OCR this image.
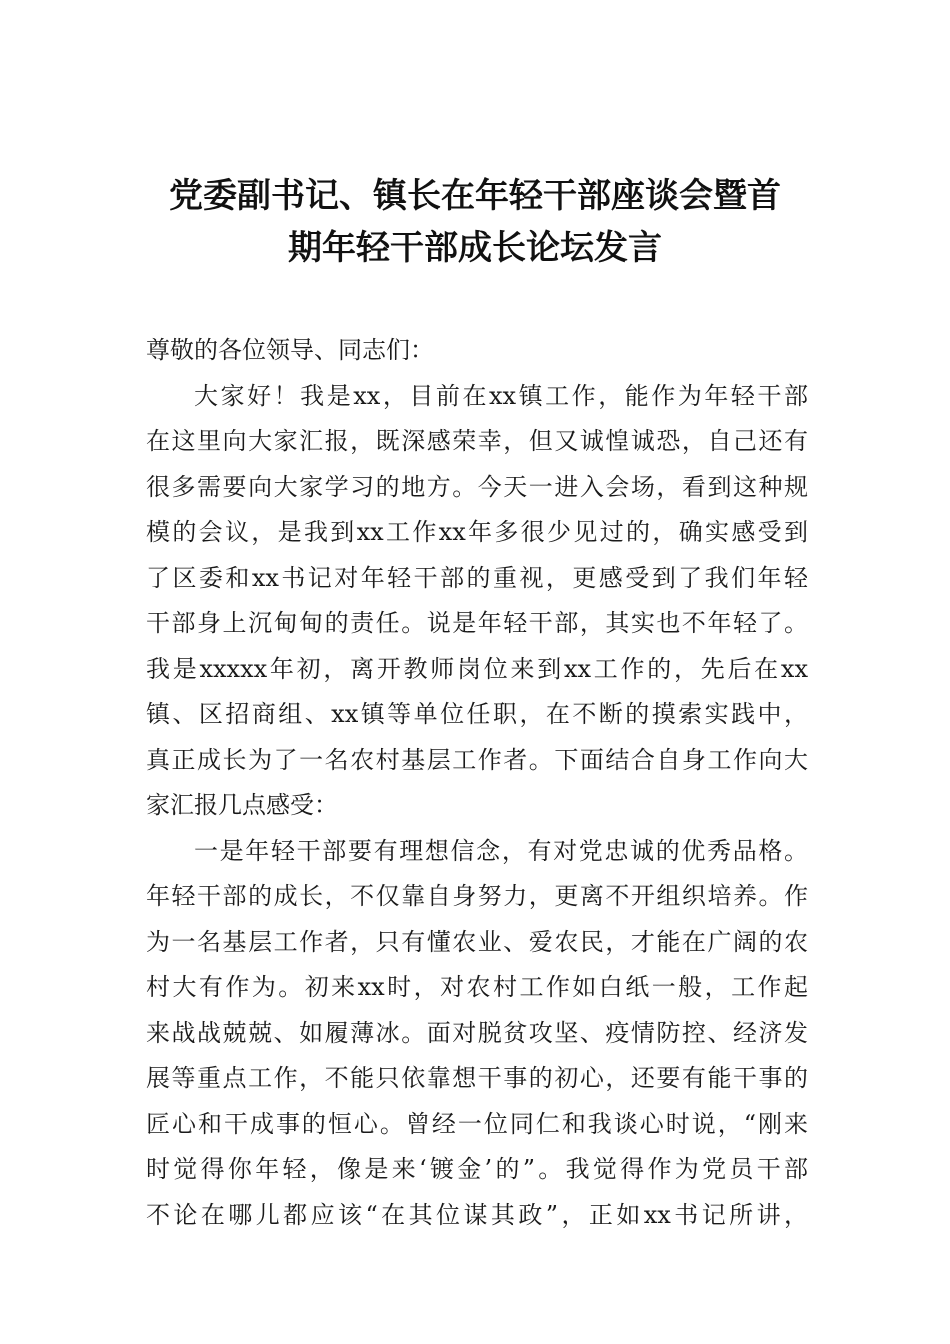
党委副书记、镇长在年轻干部座谈会暨首
期年轻干部成长论坛发言
尊敬的各位领导、同志们：
大家好！我是xx，目前在xx镇工作，能作为年轻干部
在这里向大家汇报，既深感荣幸，但又诚惶诚恐，自己还有
很多需要向大家学习的地方。今天一进入会场，看到这种规
模的会议，是我到xx工作xx年多很少见过的，确实感受到
了区委和xx书记对年轻干部的重视，更感受到了我们年轻
干部身上沉甸甸的责任。说是年轻干部，其实也不年轻了。
我是xxxxx年初，离开教师岗位来到xx工作的，先后在xx
镇、区招商组、xx镇等单位任职，在不断的摸索实践中，
真正成长为了一名农村基层工作者。下面结合自身工作向大
家汇报几点感受：
一是年轻干部要有理想信念，有对党忠诚的优秀品格。
年轻干部的成长，不仅靠自身努力，更离不开组织培养。作
为一名基层工作者，只有懂农业、爱农民，才能在广阔的农
村大有作为。初来xx时，对农村工作如白纸一般，工作起
来战战兢兢、如履薄冰。面对脱贫攻坚、疫情防控、经济发
展等重点工作，不能只依靠想干事的初心，还要有能干事的
匠心和干成事的恒心。曾经一位同仁和我谈心时说，“刚来
时觉得你年轻，像是来‘镀金’的”。我觉得作为党员干部
不论在哪儿都应该“在其位谋其政”，正如xx书记所讲，
